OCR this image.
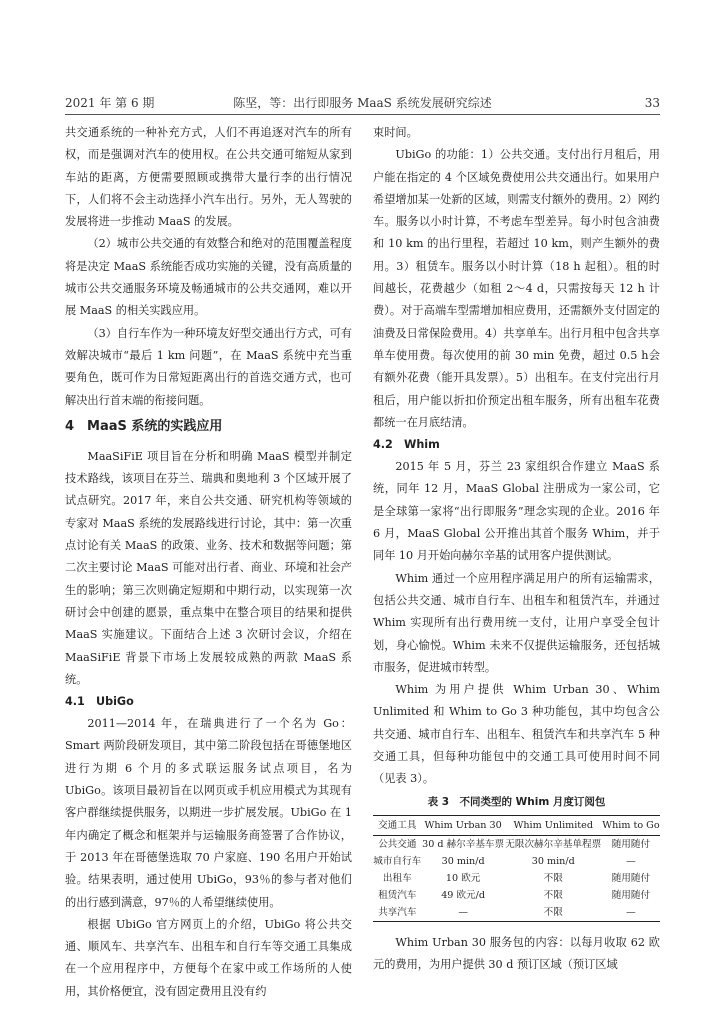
2021 年 第 6 期	陈坚，等：出行即服务 MaaS 系统发展研究综述	33

共交通系统的一种补充方式，人们不再追逐对汽车的所有权，而是强调对汽车的使用权。在公共交通可缩短从家到车站的距离，方便需要照顾或携带大量行李的出行情况下，人们将不会主动选择小汽车出行。另外，无人驾驶的发展将进一步推动 MaaS 的发展。

（2）城市公共交通的有效整合和绝对的范围覆盖程度将是决定 MaaS 系统能否成功实施的关键，没有高质量的城市公共交通服务环境及畅通城市的公共交通网，难以开展 MaaS 的相关实践应用。

（3）自行车作为一种环境友好型交通出行方式，可有效解决城市“最后 1 km 问题”，在 MaaS 系统中充当重要角色，既可作为日常短距离出行的首选交通方式，也可解决出行首末端的衔接问题。

4　MaaS 系统的实践应用

MaaSiFiE 项目旨在分析和明确 MaaS 模型并制定技术路线，该项目在芬兰、瑞典和奥地利 3 个区域开展了试点研究。2017 年，来自公共交通、研究机构等领域的专家对 MaaS 系统的发展路线进行讨论，其中：第一次重点讨论有关 MaaS 的政策、业务、技术和数据等问题；第二次主要讨论 MaaS 可能对出行者、商业、环境和社会产生的影响；第三次则确定短期和中期行动，以实现第一次研讨会中创建的愿景，重点集中在整合项目的结果和提供 MaaS 实施建议。下面结合上述 3 次研讨会议，介绍在 MaaSiFiE 背景下市场上发展较成熟的两款 MaaS 系统。

4.1　UbiGo

2011—2014 年，在瑞典进行了一个名为 Go：Smart 两阶段研发项目，其中第二阶段包括在哥德堡地区进行为期 6 个月的多式联运服务试点项目，名为 UbiGo。该项目最初旨在以网页或手机应用模式为其现有客户群继续提供服务，以期进一步扩展发展。UbiGo 在 1 年内确定了概念和框架并与运输服务商签署了合作协议，于 2013 年在哥德堡选取 70 户家庭、190 名用户开始试验。结果表明，通过使用 UbiGo，93％的参与者对他们的出行感到满意，97％的人希望继续使用。

根据 UbiGo 官方网页上的介绍，UbiGo 将公共交通、顺风车、共享汽车、出租车和自行车等交通工具集成在一个应用程序中，方便每个在家中或工作场所的人使用，其价格便宜，没有固定费用且没有约

束时间。

UbiGo 的功能：1）公共交通。支付出行月租后，用户能在指定的 4 个区域免费使用公共交通出行。如果用户希望增加某一处新的区域，则需支付额外的费用。2）网约车。服务以小时计算，不考虑车型差异。每小时包含油费和 10 km 的出行里程，若超过 10 km，则产生额外的费用。3）租赁车。服务以小时计算（18 h 起租）。租的时间越长，花费越少（如租 2～4 d，只需按每天 12 h 计费）。对于高端车型需增加相应费用，还需额外支付固定的油费及日常保险费用。4）共享单车。出行月租中包含共享单车使用费。每次使用的前 30 min 免费，超过 0.5 h会有额外花费（能开具发票）。5）出租车。在支付完出行月租后，用户能以折扣价预定出租车服务，所有出租车花费都统一在月底结清。

4.2　Whim

2015 年 5 月，芬兰 23 家组织合作建立 MaaS 系统，同年 12 月，MaaS Global 注册成为一家公司，它是全球第一家将“出行即服务”理念实现的企业。2016 年 6 月，MaaS Global 公开推出其首个服务 Whim，并于同年 10 月开始向赫尔辛基的试用客户提供测试。

Whim 通过一个应用程序满足用户的所有运输需求，包括公共交通、城市自行车、出租车和租赁汽车，并通过 Whim 实现所有出行费用统一支付，让用户享受全包计划，身心愉悦。Whim 未来不仅提供运输服务，还包括城市服务，促进城市转型。

Whim 为用户提供 Whim Urban 30、Whim Unlimited 和 Whim to Go 3 种功能包，其中均包含公共交通、城市自行车、出租车、租赁汽车和共享汽车 5 种交通工具，但每种功能包中的交通工具可使用时间不同（见表 3）。

表 3　不同类型的 Whim 月度订阅包
交通工具	Whim Urban 30	Whim Unlimited	Whim to Go
公共交通	30 d 赫尔辛基车票	无限次赫尔辛基单程票	随用随付
城市自行车	30 min/d	30 min/d	—
出租车	10 欧元	不限	随用随付
租赁汽车	49 欧元/d	不限	随用随付
共享汽车	—	不限	—

Whim Urban 30 服务包的内容：以每月收取 62 欧元的费用，为用户提供 30 d 预订区域（预订区域
